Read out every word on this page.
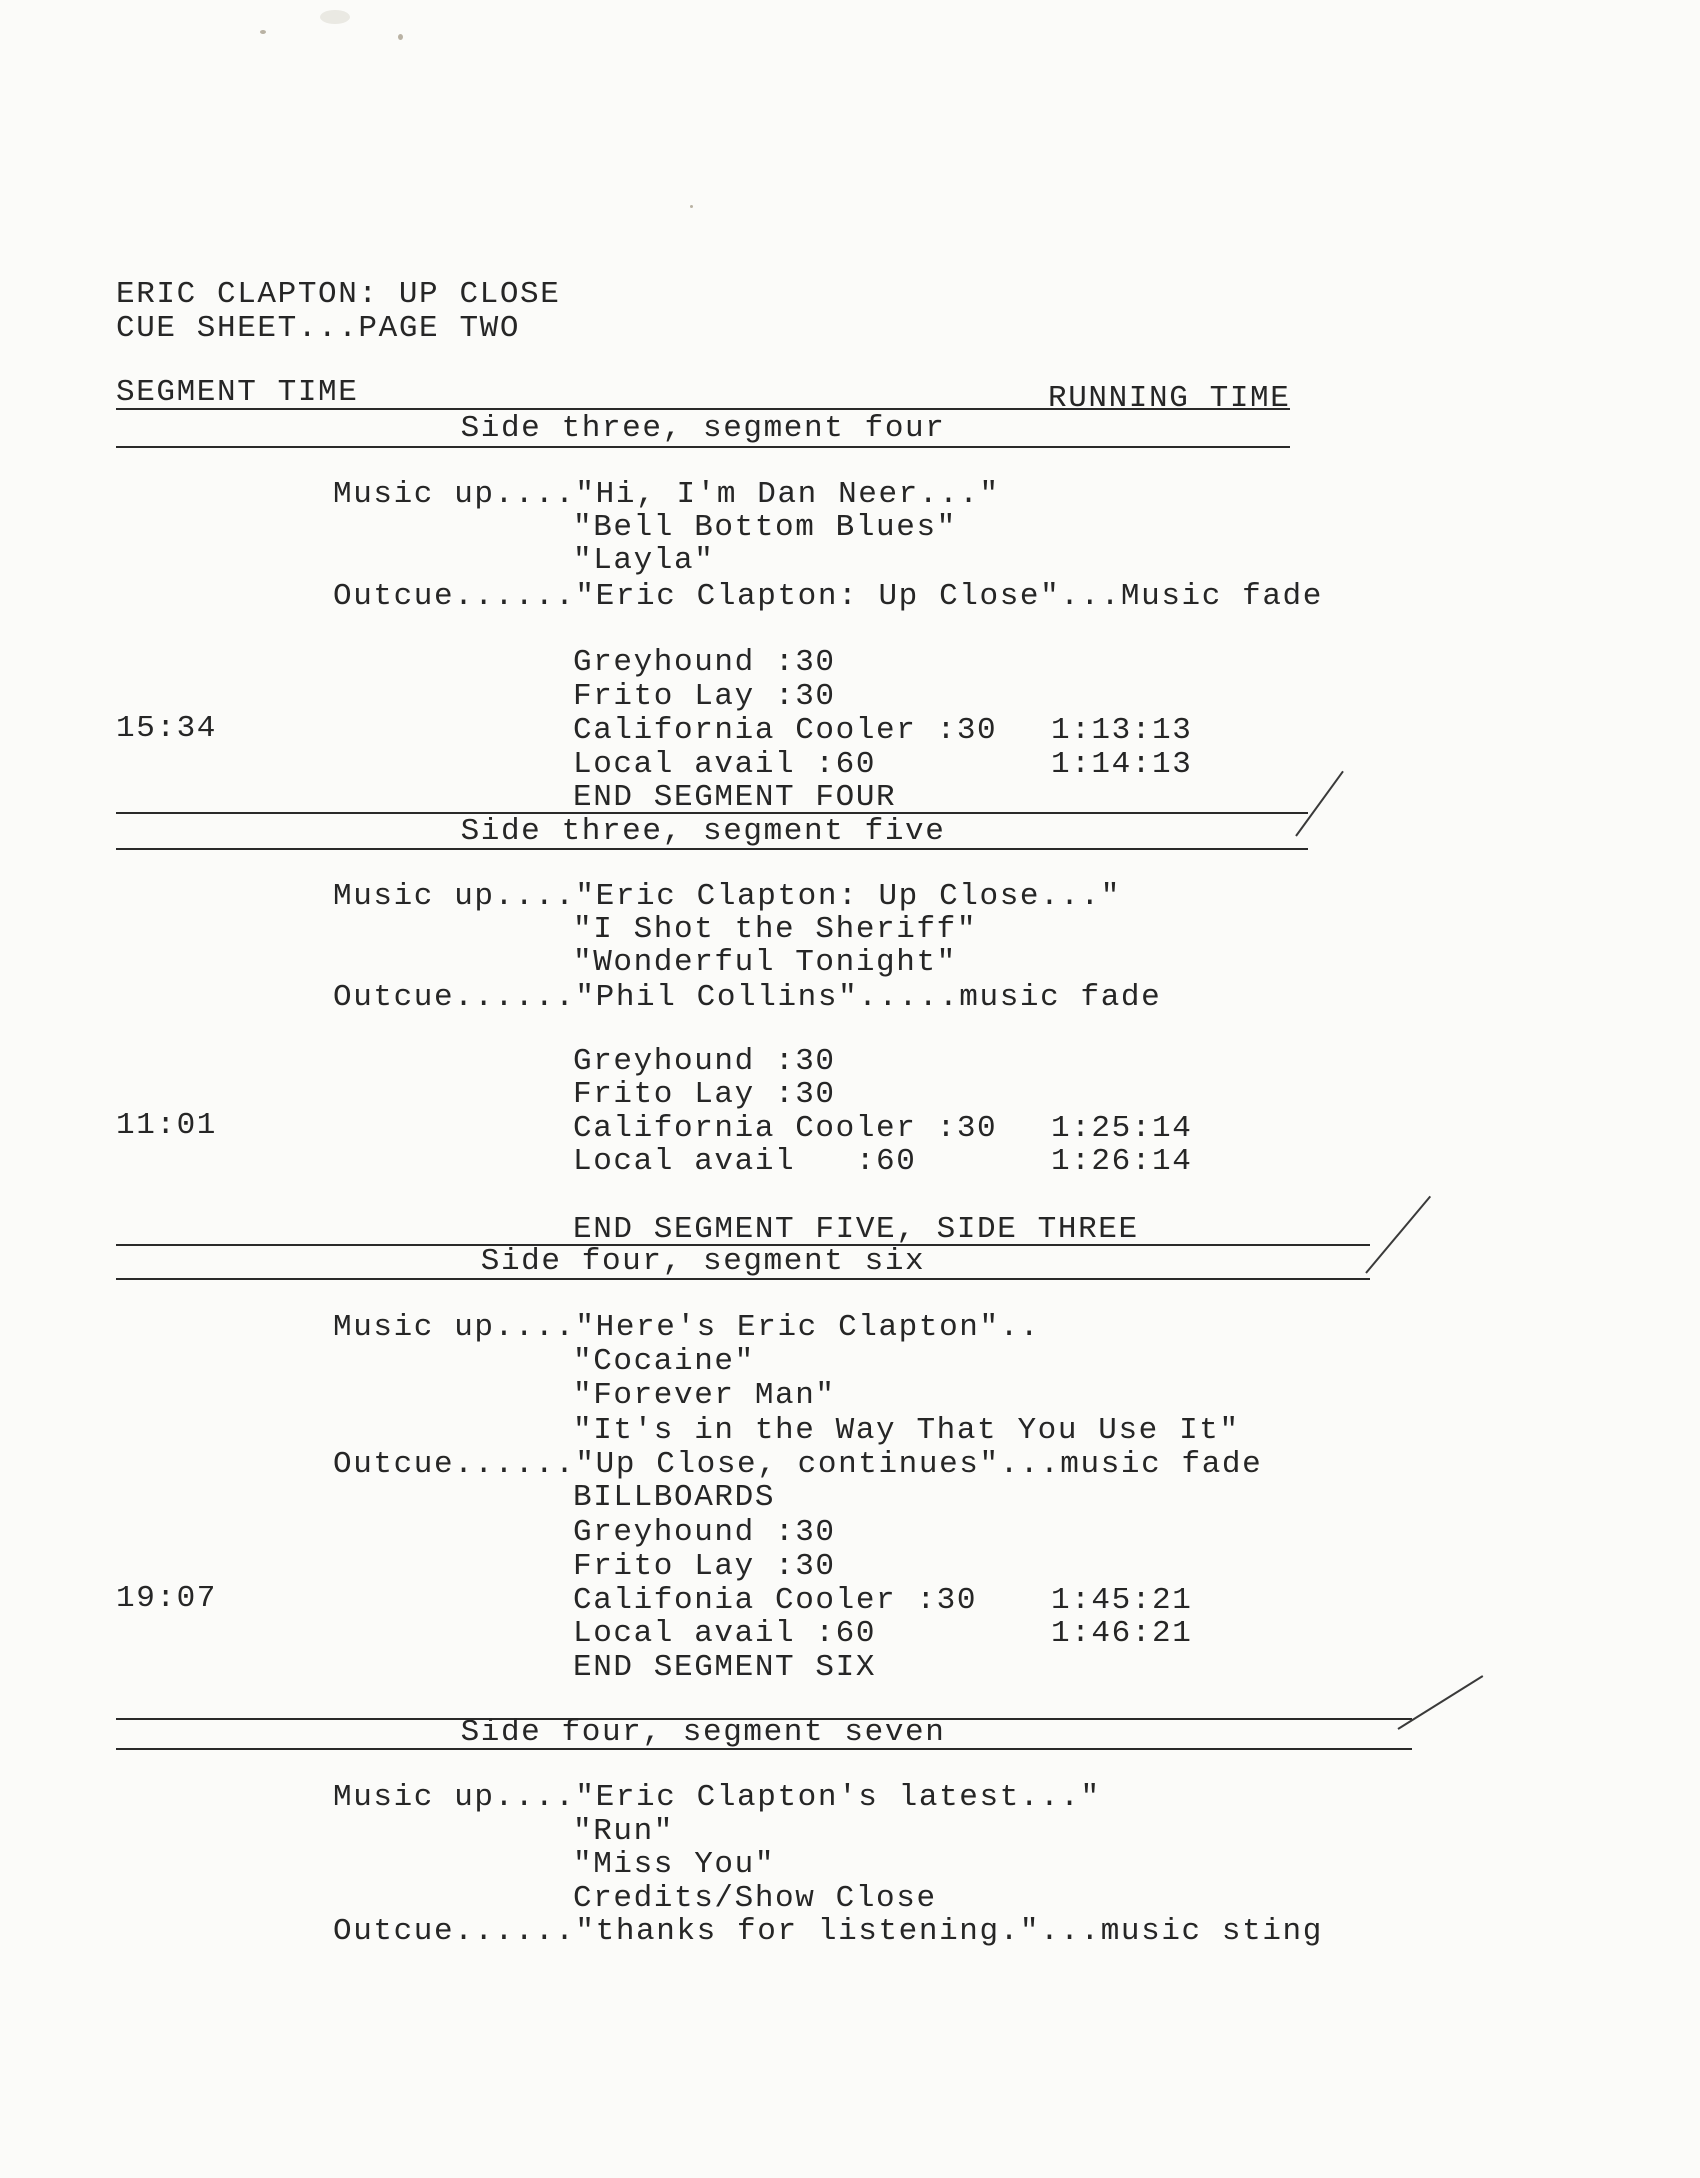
ERIC CLAPTON: UP CLOSE
CUE SHEET...PAGE TWO
SEGMENT TIME	RUNNING TIME
Side three, segment four
Music up...."Hi, I'm Dan Neer..."
"Bell Bottom Blues"
"Layla"
Outcue......"Eric Clapton: Up Close"...Music fade
Greyhound :30
Frito Lay :30
15:34	California Cooler :30 1:13:13
Local avail :60	1:14:13
END SEGMENT FOUR
Side three, segment five
Music up...."Eric Clapton: Up Close..."
"I Shot the Sheriff"
"Wonderful Tonight"
Outcue......"Phil Collins".....music fade
Greyhound :30
Frito Lay :30
11:01	California Cooler :30 1:25:14
Local avail   :60	1:26:14
END SEGMENT FIVE, SIDE THREE
Side four, segment six
Music up...."Here's Eric Clapton"..
"Cocaine"
"Forever Man"
"It's in the Way That You Use It"
Outcue......"Up Close, continues"...music fade
BILLBOARDS
Greyhound :30
Frito Lay :30
19:07	Califonia Cooler :30 1:45:21
Local avail :60	1:46:21
END SEGMENT SIX
Side four, segment seven
Music up...."Eric Clapton's latest..."
"Run"
"Miss You"
Credits/Show Close
Outcue......"thanks for listening."...music sting
